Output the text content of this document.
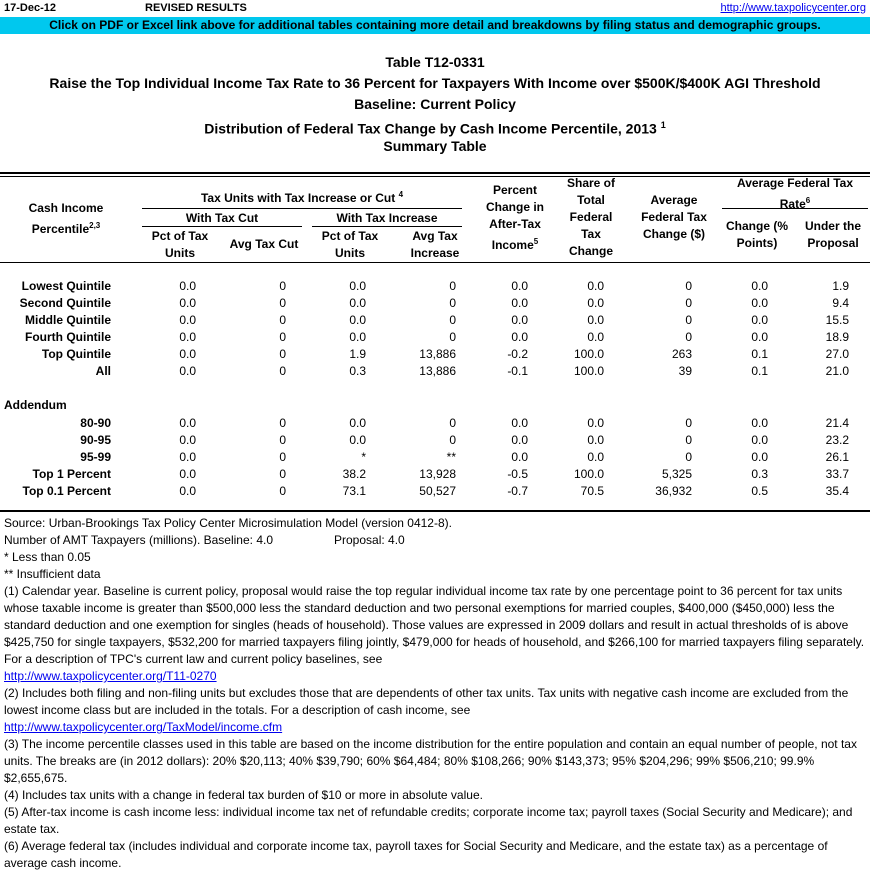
17-Dec-12	REVISED RESULTS	http://www.taxpolicycenter.org
Click on PDF or Excel link above for additional tables containing more detail and breakdowns by filing status and demographic groups.
Table T12-0331
Raise the Top Individual Income Tax Rate to 36 Percent for Taxpayers With Income over $500K/$400K AGI Threshold
Baseline: Current Policy
Distribution of Federal Tax Change by Cash Income Percentile, 2013 $^1$
Summary Table
Cash Income
Percentile$^{2,3}$
Tax Units with Tax Increase or Cut $^4$
With Tax Cut	With Tax Increase
Pct of Tax
Units
Avg Tax Cut
Pct of Tax
Units
Avg Tax
Increase
Percent
Change in
After-Tax
Income$^5$
Share of
Total
Federal
Tax
Change
Average
Federal Tax
Change ($)
Average Federal Tax
Rate$^6$
Change (%
Points)
Under the
Proposal
Lowest Quintile	0.0	0	0.0	0	0.0	0.0	0	0.0	1.9
Second Quintile	0.0	0	0.0	0	0.0	0.0	0	0.0	9.4
Middle Quintile	0.0	0	0.0	0	0.0	0.0	0	0.0	15.5
Fourth Quintile	0.0	0	0.0	0	0.0	0.0	0	0.0	18.9
Top Quintile	0.0	0	1.9	13,886	-0.2	100.0	263	0.1	27.0
All	0.0	0	0.3	13,886	-0.1	100.0	39	0.1	21.0
Addendum
80-90	0.0	0	0.0	0	0.0	0.0	0	0.0	21.4
90-95	0.0	0	0.0	0	0.0	0.0	0	0.0	23.2
95-99	0.0	0	*	**	0.0	0.0	0	0.0	26.1
Top 1 Percent	0.0	0	38.2	13,928	-0.5	100.0	5,325	0.3	33.7
Top 0.1 Percent	0.0	0	73.1	50,527	-0.7	70.5	36,932	0.5	35.4

Source: Urban-Brookings Tax Policy Center Microsimulation Model (version 0412-8).

Number of AMT Taxpayers (millions). Baseline: 4.0	Proposal: 4.0

* Less than 0.05

** Insufficient data

(1) Calendar year. Baseline is current policy, proposal would raise the top regular individual income tax rate by one percentage point to 36 percent for tax units whose taxable income is greater than $500,000 less the standard deduction and two personal exemptions for married couples, $400,000 ($450,000) less the standard deduction and one exemption for singles (heads of household). Those values are expressed in 2009 dollars and result in actual thresholds of is above $425,750 for single taxpayers, $532,200 for married taxpayers filing jointly, $479,000 for heads of household, and $266,100 for married taxpayers filing separately. For a description of TPC's current law and current policy baselines, see

http://www.taxpolicycenter.org/T11-0270

(2) Includes both filing and non-filing units but excludes those that are dependents of other tax units. Tax units with negative cash income are excluded from the lowest income class but are included in the totals. For a description of cash income, see

http://www.taxpolicycenter.org/TaxModel/income.cfm

(3) The income percentile classes used in this table are based on the income distribution for the entire population and contain an equal number of people, not tax units. The breaks are (in 2012 dollars): 20% $20,113; 40% $39,790; 60% $64,484; 80% $108,266; 90% $143,373; 95% $204,296; 99% $506,210; 99.9% $2,655,675.

(4) Includes tax units with a change in federal tax burden of $10 or more in absolute value.

(5) After-tax income is cash income less: individual income tax net of refundable credits; corporate income tax; payroll taxes (Social Security and Medicare); and estate tax.

(6) Average federal tax (includes individual and corporate income tax, payroll taxes for Social Security and Medicare, and the estate tax) as a percentage of average cash income.
